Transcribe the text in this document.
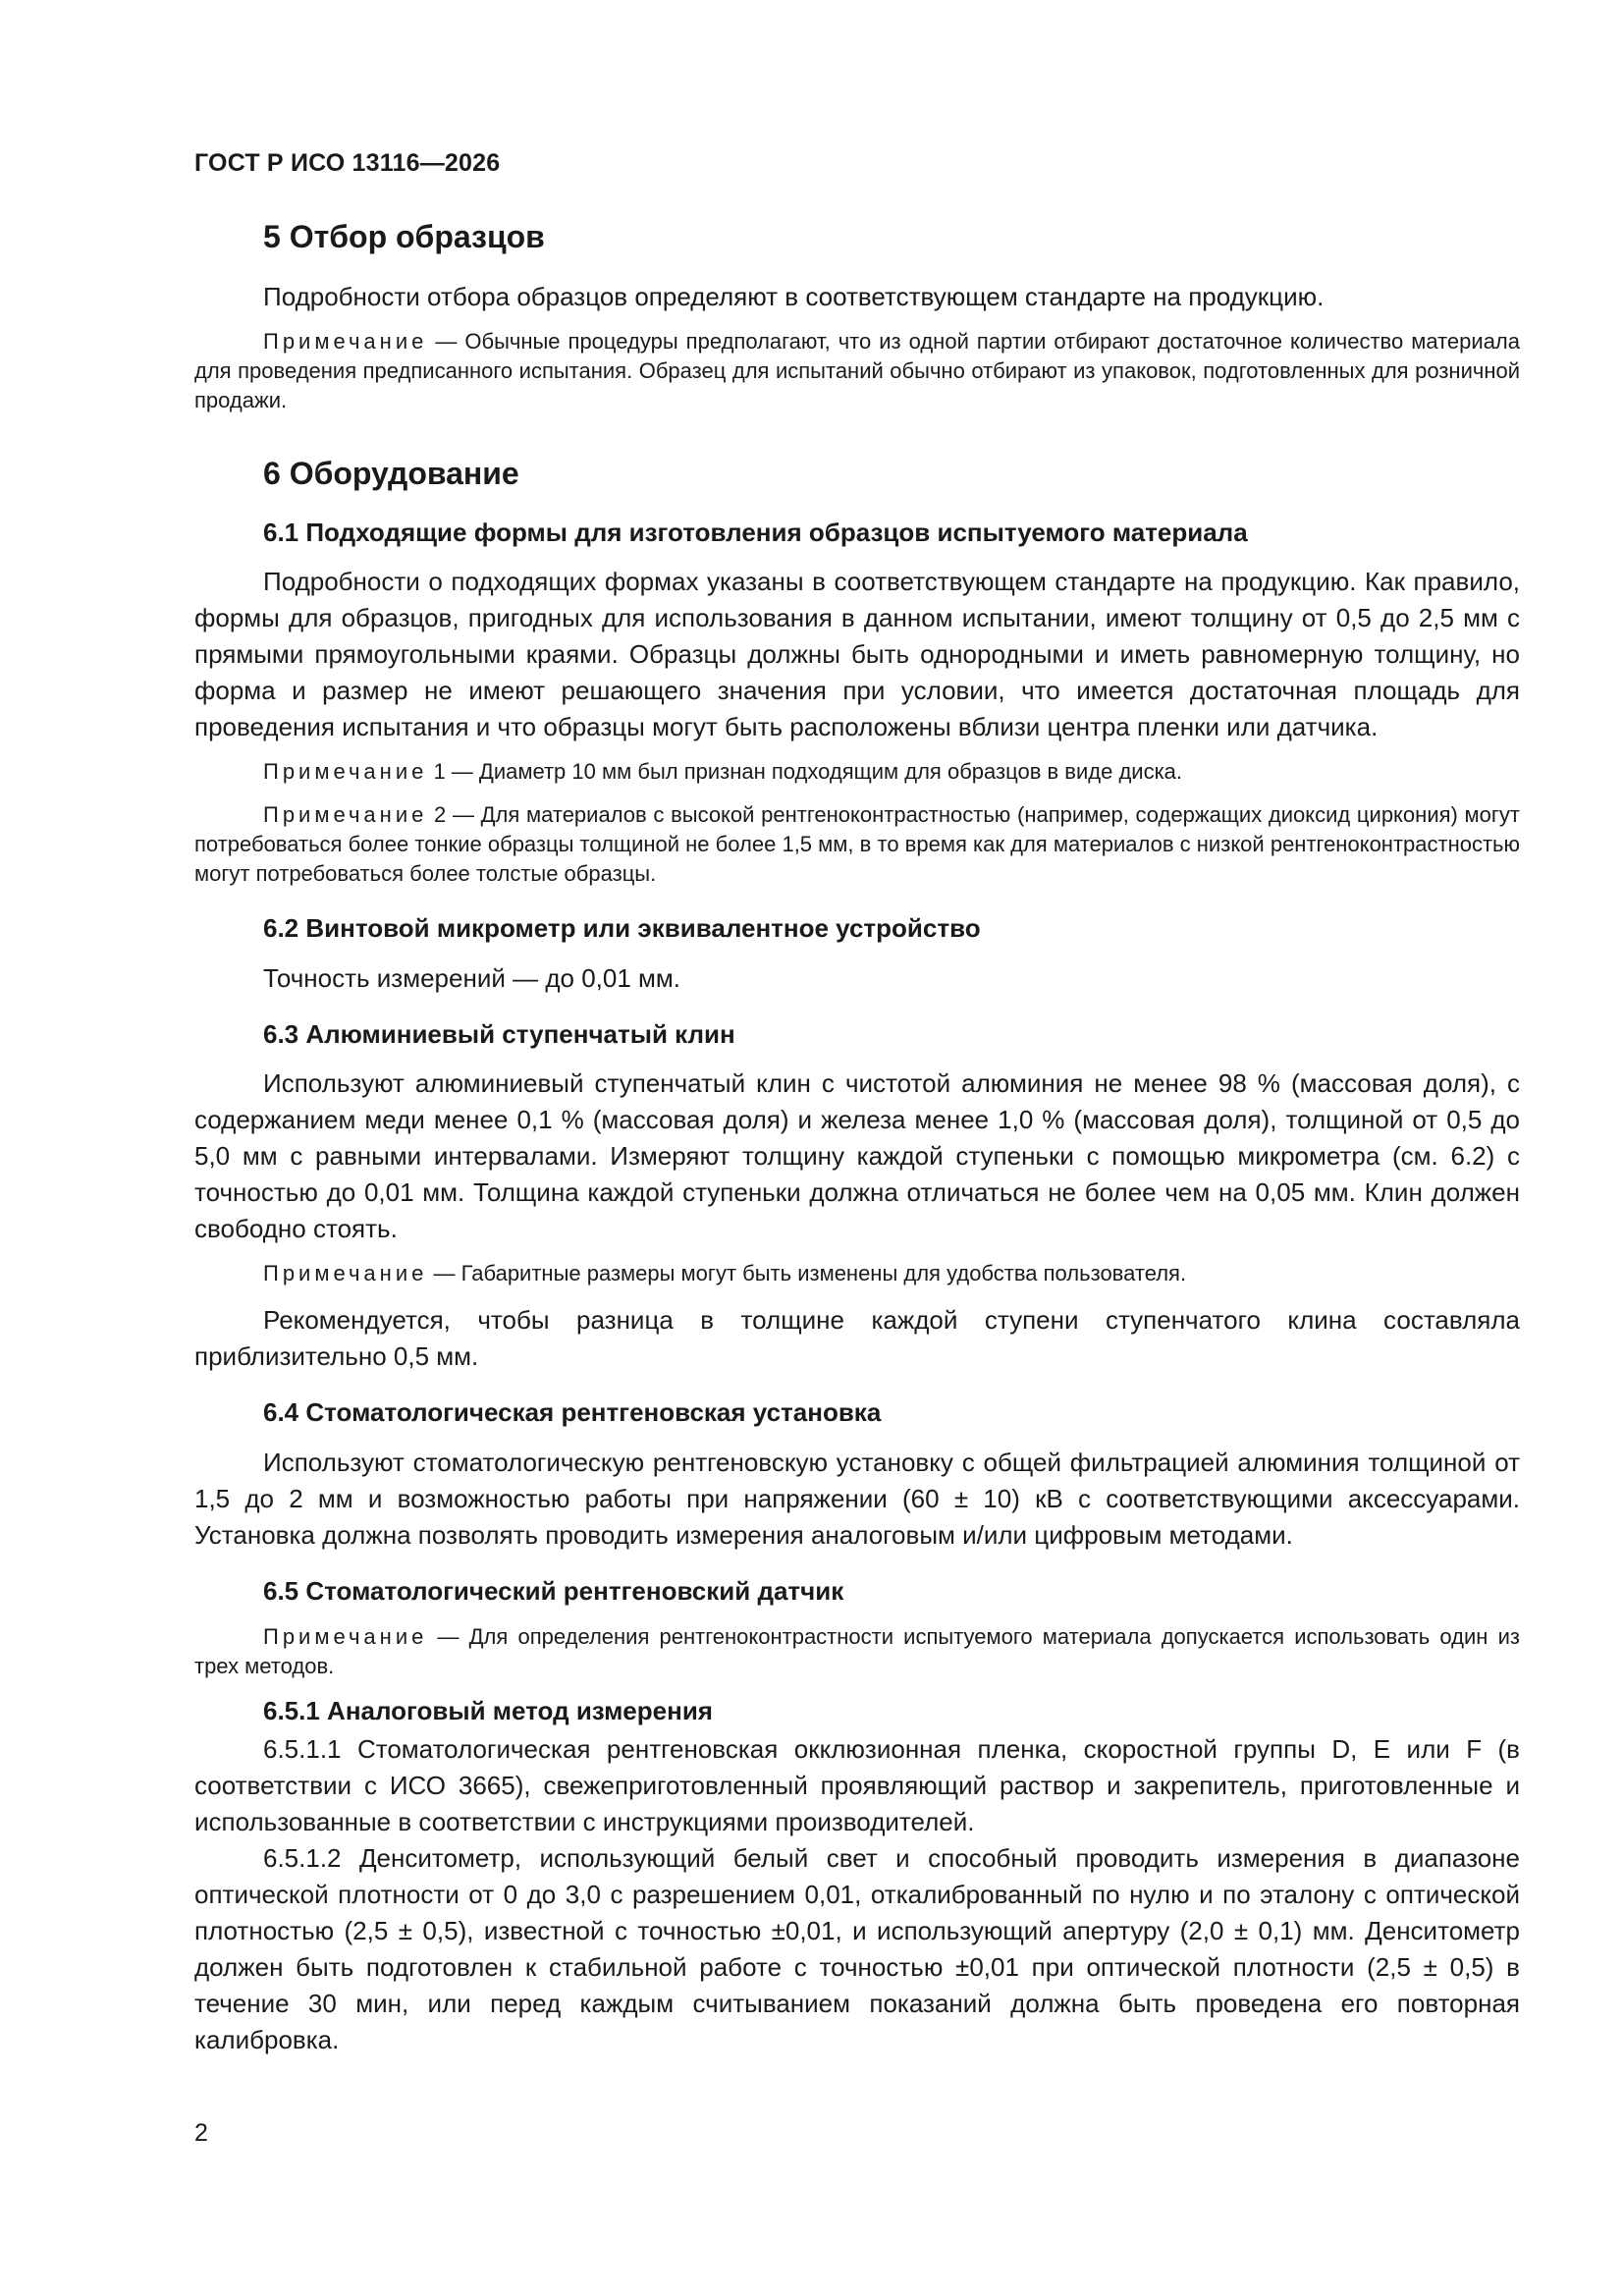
ГОСТ Р ИСО 13116—2026
5 Отбор образцов

Подробности отбора образцов определяют в соответствующем стандарте на продукцию.

Примечание — Обычные процедуры предполагают, что из одной партии отбирают достаточное количество материала для проведения предписанного испытания. Образец для испытаний обычно отбирают из упаковок, подготовленных для розничной продажи.

6 Оборудование
6.1 Подходящие формы для изготовления образцов испытуемого материала

Подробности о подходящих формах указаны в соответствующем стандарте на продукцию. Как правило, формы для образцов, пригодных для использования в данном испытании, имеют толщину от 0,5 до 2,5 мм с прямыми прямоугольными краями. Образцы должны быть однородными и иметь равномерную толщину, но форма и размер не имеют решающего значения при условии, что имеется достаточная площадь для проведения испытания и что образцы могут быть расположены вблизи центра пленки или датчика.

Примечание 1 — Диаметр 10 мм был признан подходящим для образцов в виде диска.

Примечание 2 — Для материалов с высокой рентгеноконтрастностью (например, содержащих диоксид циркония) могут потребоваться более тонкие образцы толщиной не более 1,5 мм, в то время как для материалов с низкой рентгеноконтрастностью могут потребоваться более толстые образцы.

6.2 Винтовой микрометр или эквивалентное устройство

Точность измерений — до 0,01 мм.

6.3 Алюминиевый ступенчатый клин

Используют алюминиевый ступенчатый клин с чистотой алюминия не менее 98 % (массовая доля), с содержанием меди менее 0,1 % (массовая доля) и железа менее 1,0 % (массовая доля), толщиной от 0,5 до 5,0 мм с равными интервалами. Измеряют толщину каждой ступеньки с помощью микрометра (см. 6.2) с точностью до 0,01 мм. Толщина каждой ступеньки должна отличаться не более чем на 0,05 мм. Клин должен свободно стоять.

Примечание — Габаритные размеры могут быть изменены для удобства пользователя.

Рекомендуется, чтобы разница в толщине каждой ступени ступенчатого клина составляла приблизительно 0,5 мм.

6.4 Стоматологическая рентгеновская установка

Используют стоматологическую рентгеновскую установку с общей фильтрацией алюминия толщиной от 1,5 до 2 мм и возможностью работы при напряжении (60 ± 10) кВ с соответствующими аксессуарами. Установка должна позволять проводить измерения аналоговым и/или цифровым методами.

6.5 Стоматологический рентгеновский датчик

Примечание — Для определения рентгеноконтрастности испытуемого материала допускается использовать один из трех методов.

6.5.1 Аналоговый метод измерения

6.5.1.1 Стоматологическая рентгеновская окклюзионная пленка, скоростной группы D, E или F (в соответствии с ИСО 3665), свежеприготовленный проявляющий раствор и закрепитель, приготовленные и использованные в соответствии с инструкциями производителей.

6.5.1.2 Денситометр, использующий белый свет и способный проводить измерения в диапазоне оптической плотности от 0 до 3,0 с разрешением 0,01, откалиброванный по нулю и по эталону с оптической плотностью (2,5 ± 0,5), известной с точностью ±0,01, и использующий апертуру (2,0 ± 0,1) мм. Денситометр должен быть подготовлен к стабильной работе с точностью ±0,01 при оптической плотности (2,5 ± 0,5) в течение 30 мин, или перед каждым считыванием показаний должна быть проведена его повторная калибровка.

2
